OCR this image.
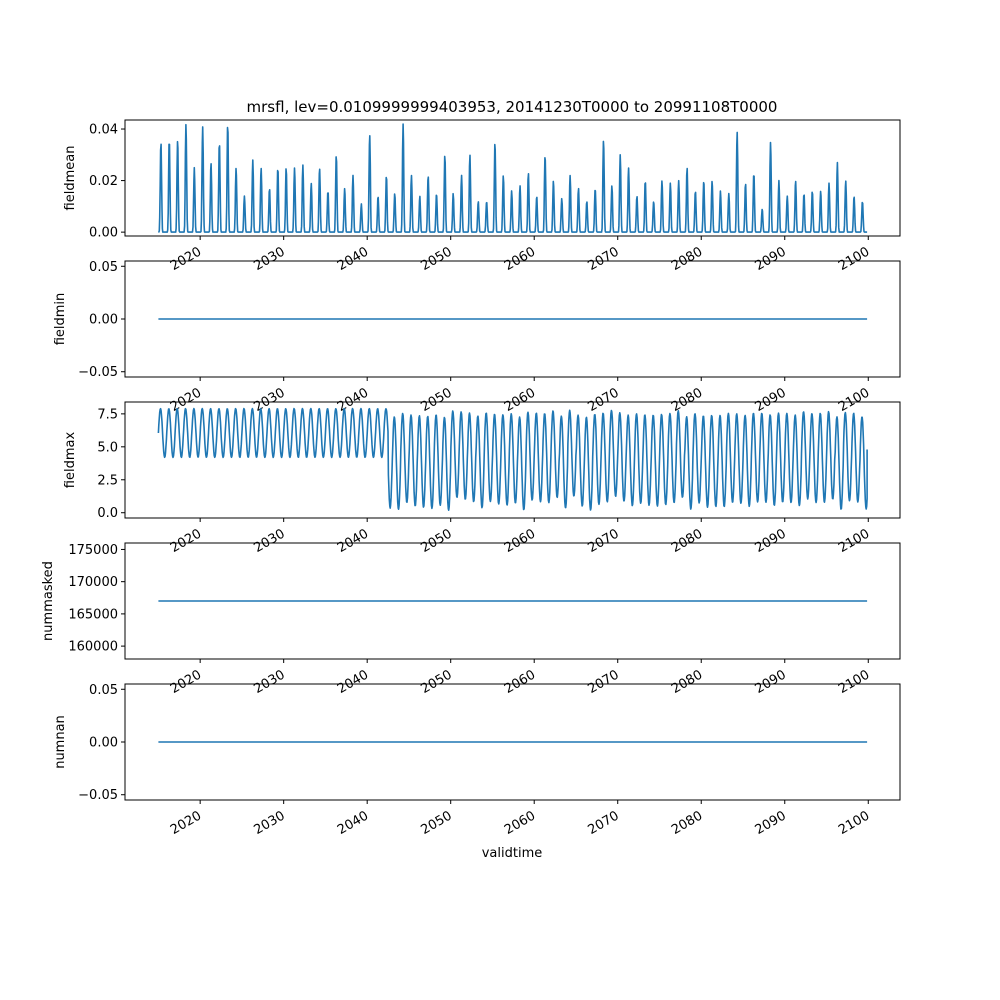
mrsfl, lev=0.0109999999403953, 20141230T0000 to 20991108T0000
validtime
0.00
0.02
0.04
fieldmean
2020	2030	2040	2050	2060	2070	2080	2090	2100
−0.05
0.00
0.05
fieldmin
2020	2030	2040	2050	2060	2070	2080	2090	2100
0.0
2.5
5.0
7.5
fieldmax
2020	2030	2040	2050	2060	2070	2080	2090	2100
160000
165000
170000
175000
nummasked
2020	2030	2040	2050	2060	2070	2080	2090	2100
−0.05
0.00
0.05
numnan
2020	2030	2040	2050	2060	2070	2080	2090	2100
